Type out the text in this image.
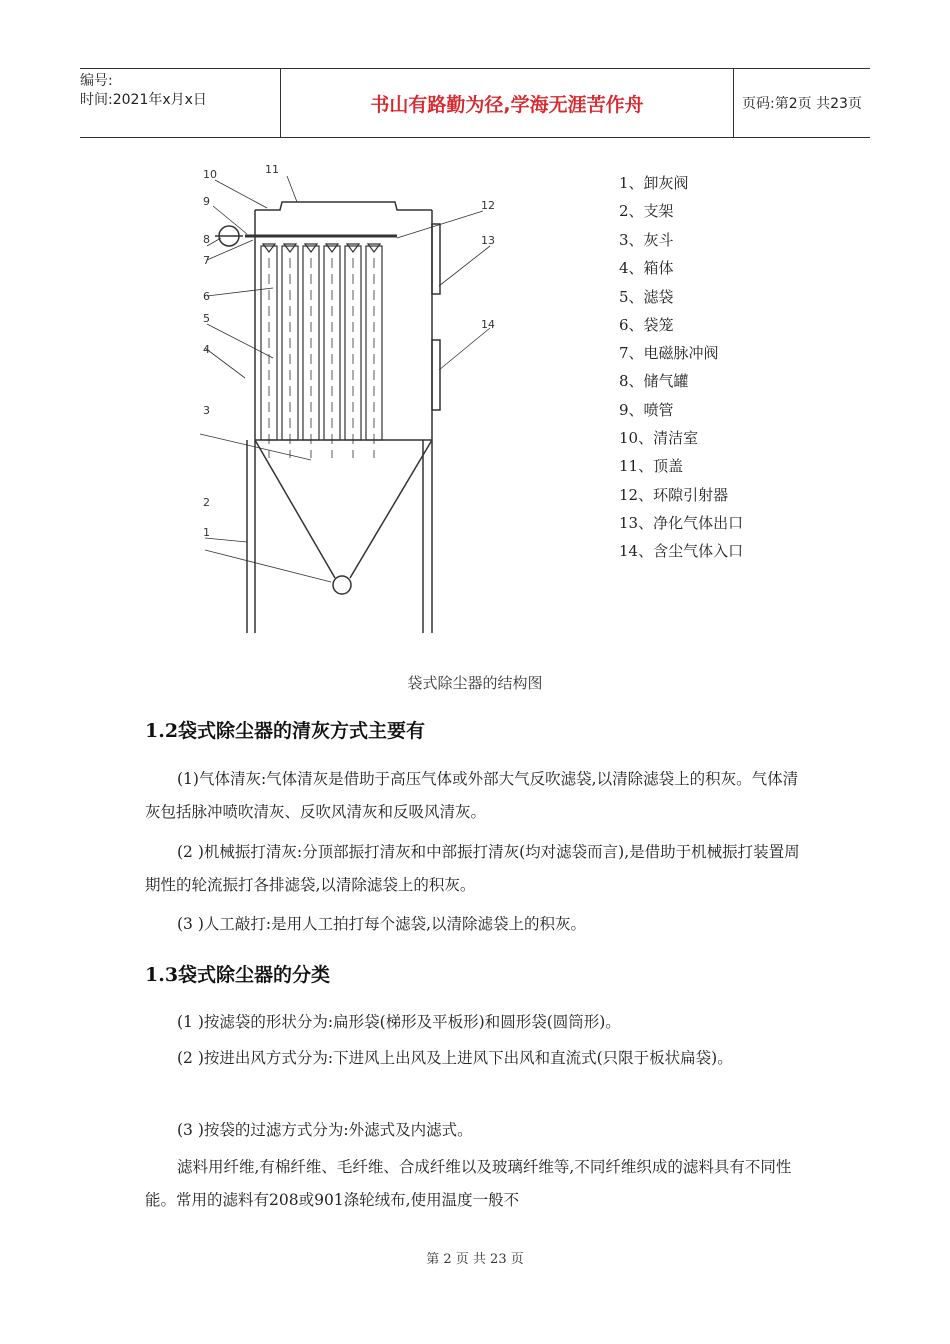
编号:
时间:2021年x月x日	书山有路勤为径,学海无涯苦作舟	页码:第2页 共23页
10	11
9	12
8	13
7
6
5	14
4
3
2
1
1、卸灰阀
2、支架
3、灰斗
4、箱体
5、滤袋
6、袋笼
7、电磁脉冲阀
8、储气罐
9、喷管
10、清洁室
11、顶盖
12、环隙引射器
13、净化气体出口
14、含尘气体入口
袋式除尘器的结构图
1.2袋式除尘器的清灰方式主要有
(1)气体清灰:气体清灰是借助于高压气体或外部大气反吹滤袋,以清除滤袋上的积灰。气体清灰包括脉冲喷吹清灰、反吹风清灰和反吸风清灰。
(2 )机械振打清灰:分顶部振打清灰和中部振打清灰(均对滤袋而言),是借助于机械振打装置周期性的轮流振打各排滤袋,以清除滤袋上的积灰。
(3 )人工敲打:是用人工拍打每个滤袋,以清除滤袋上的积灰。
1.3袋式除尘器的分类
(1 )按滤袋的形状分为:扁形袋(梯形及平板形)和圆形袋(圆筒形)。
(2 )按进出风方式分为:下进风上出风及上进风下出风和直流式(只限于板状扁袋)。
(3 )按袋的过滤方式分为:外滤式及内滤式。
滤料用纤维,有棉纤维、毛纤维、合成纤维以及玻璃纤维等,不同纤维织成的滤料具有不同性能。常用的滤料有208或901涤轮绒布,使用温度一般不
第 2 页 共 23 页
